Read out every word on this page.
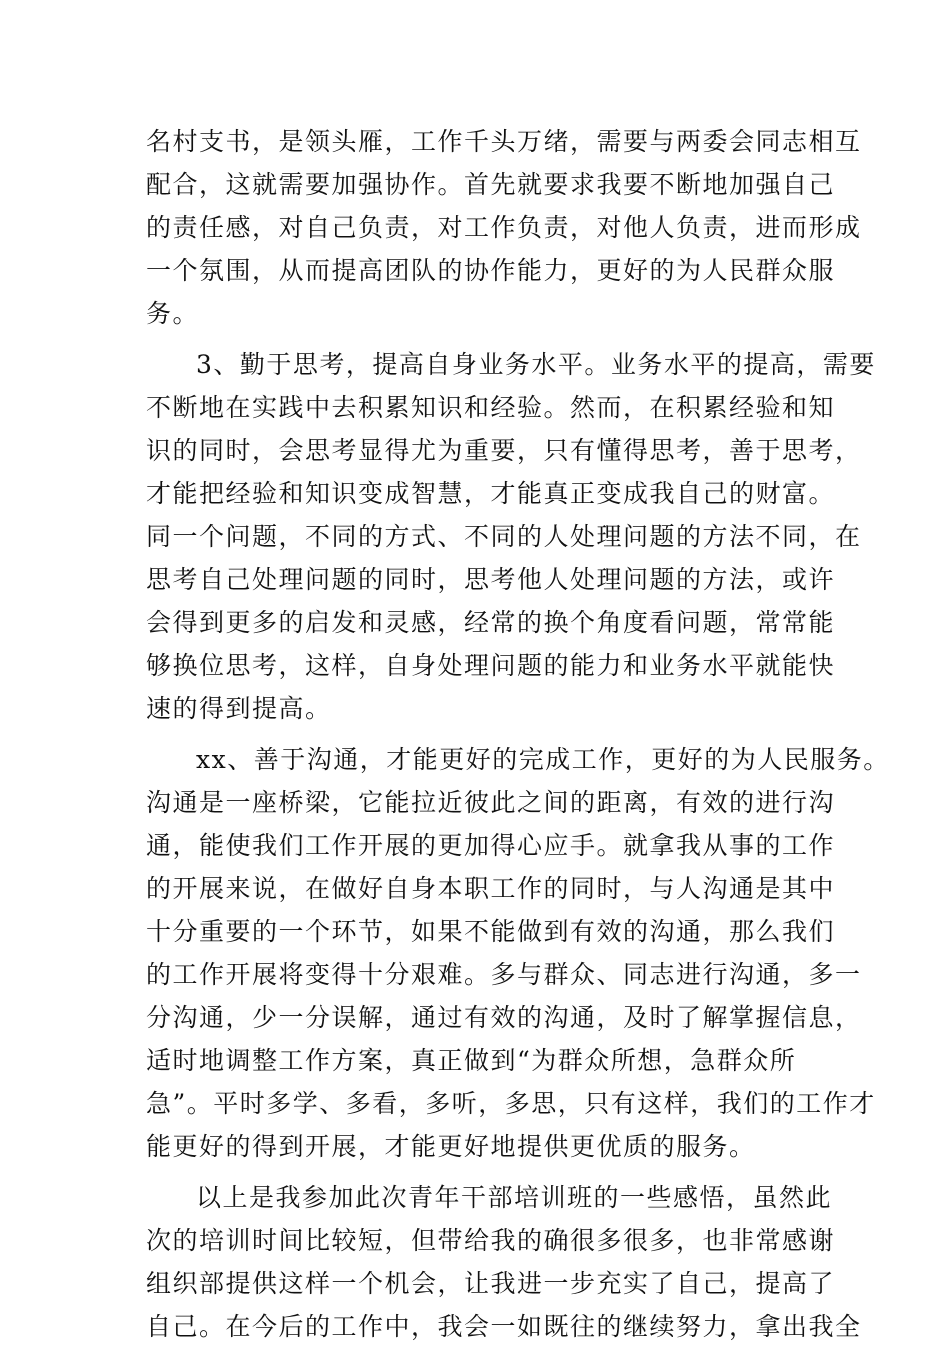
名村支书，是领头雁，工作千头万绪，需要与两委会同志相互
配合，这就需要加强协作。首先就要求我要不断地加强自己
的责任感，对自己负责，对工作负责，对他人负责，进而形成
一个氛围，从而提高团队的协作能力，更好的为人民群众服
务。
3、勤于思考，提高自身业务水平。业务水平的提高，需要
不断地在实践中去积累知识和经验。然而，在积累经验和知
识的同时，会思考显得尤为重要，只有懂得思考，善于思考，
才能把经验和知识变成智慧，才能真正变成我自己的财富。
同一个问题，不同的方式、不同的人处理问题的方法不同，在
思考自己处理问题的同时，思考他人处理问题的方法，或许
会得到更多的启发和灵感，经常的换个角度看问题，常常能
够换位思考，这样，自身处理问题的能力和业务水平就能快
速的得到提高。
xx、善于沟通，才能更好的完成工作，更好的为人民服务。
沟通是一座桥梁，它能拉近彼此之间的距离，有效的进行沟
通，能使我们工作开展的更加得心应手。就拿我从事的工作
的开展来说，在做好自身本职工作的同时，与人沟通是其中
十分重要的一个环节，如果不能做到有效的沟通，那么我们
的工作开展将变得十分艰难。多与群众、同志进行沟通，多一
分沟通，少一分误解，通过有效的沟通，及时了解掌握信息，
适时地调整工作方案，真正做到“为群众所想，急群众所
急”。平时多学、多看，多听，多思，只有这样，我们的工作才
能更好的得到开展，才能更好地提供更优质的服务。
以上是我参加此次青年干部培训班的一些感悟，虽然此
次的培训时间比较短，但带给我的确很多很多，也非常感谢
组织部提供这样一个机会，让我进一步充实了自己，提高了
自己。在今后的工作中，我会一如既往的继续努力，拿出我全
